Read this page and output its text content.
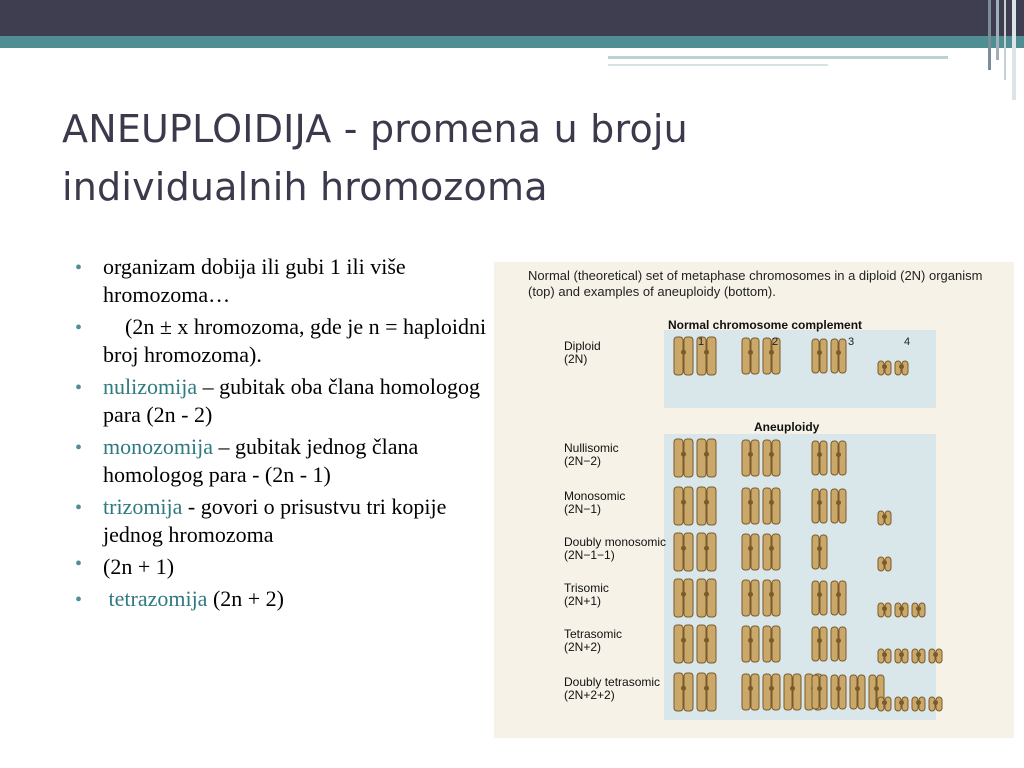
ANEUPLOIDIJA - promena u broju
individualnih hromozoma
• organizam dobija ili gubi 1 ili više hromozoma…
•     (2n ± x hromozoma, gde je n = haploidni broj hromozoma).
• nulizomija – gubitak oba člana homologog para (2n - 2)
• monozomija – gubitak jednog člana homologog para - (2n - 1)
• trizomija - govori o prisustvu tri kopije jednog hromozoma
• (2n + 1)
• tetrazomija (2n + 2)
Normal (theoretical) set of metaphase chromosomes in a diploid (2N) organism (top) and examples of aneuploidy (bottom).
Normal chromosome complement
Aneuploidy
1	2	3	4
Diploid
(2N)
Nullisomic
(2N−2)
Monosomic
(2N−1)
Doubly monosomic
(2N−1−1)
Trisomic
(2N+1)
Tetrasomic
(2N+2)
Doubly tetrasomic
(2N+2+2)
